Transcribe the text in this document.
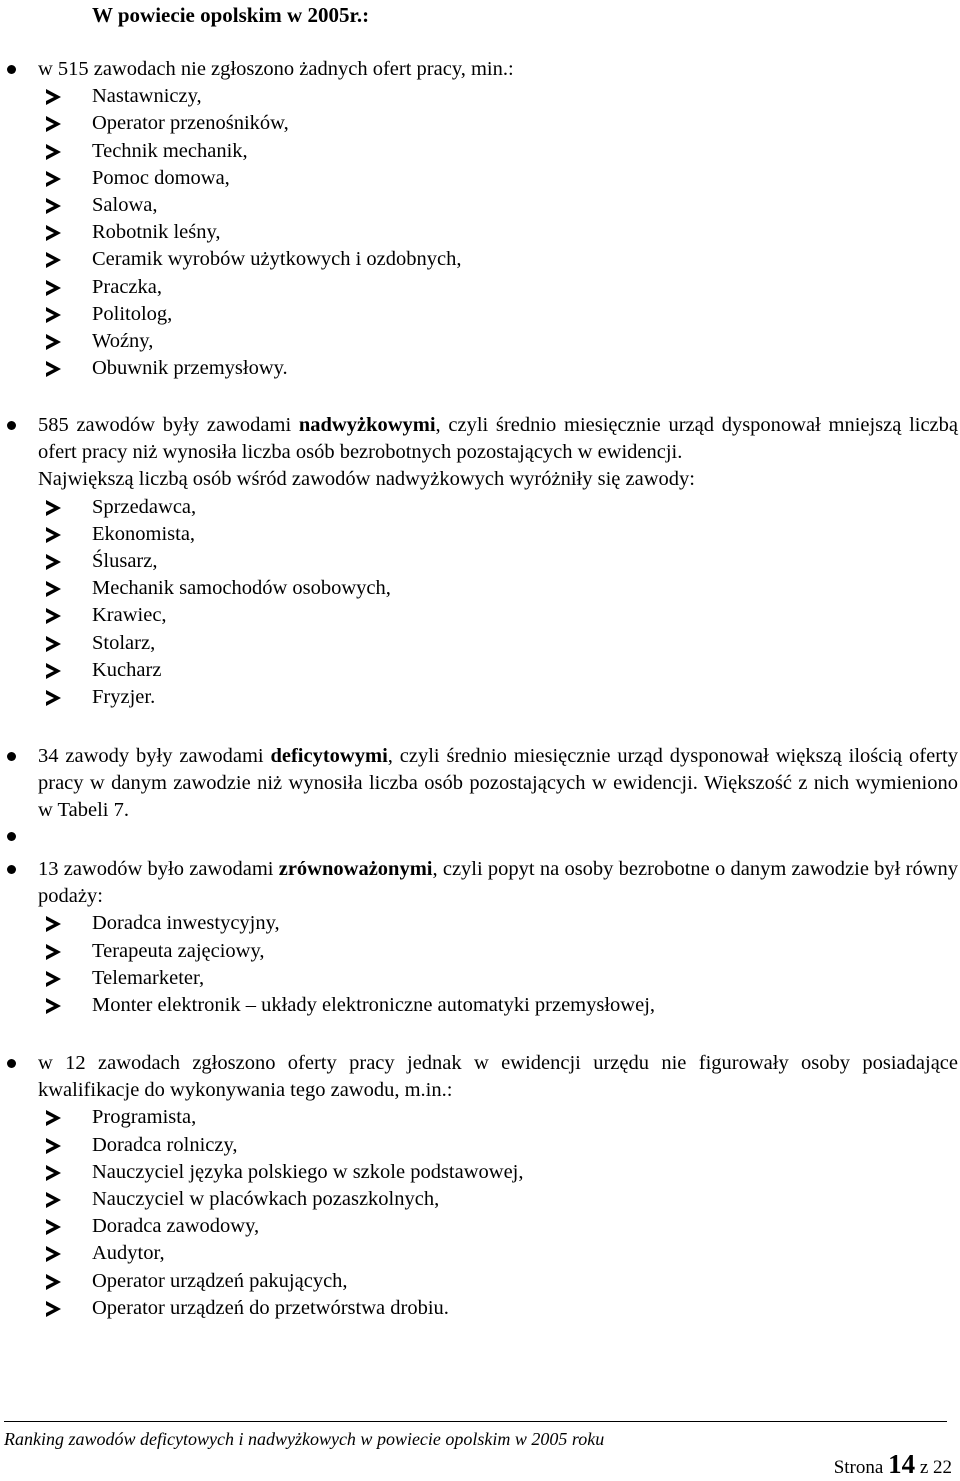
W powiecie opolskim w 2005r.:

w 515 zawodach nie zgłoszono żadnych ofert pracy, min.:

Nastawniczy,
Operator przenośników,
Technik mechanik,
Pomoc domowa,
Salowa,
Robotnik leśny,
Ceramik wyrobów użytkowych i ozdobnych,
Praczka,
Politolog,
Woźny,
Obuwnik przemysłowy.

585 zawodów były zawodami nadwyżkowymi, czyli średnio miesięcznie urząd dysponował mniejszą liczbą ofert pracy niż wynosiła liczba osób bezrobotnych pozostających w ewidencji.

Największą liczbą osób wśród zawodów nadwyżkowych wyróżniły się zawody:

Sprzedawca,
Ekonomista,
Ślusarz,
Mechanik samochodów osobowych,
Krawiec,
Stolarz,
Kucharz
Fryzjer.

34 zawody były zawodami deficytowymi, czyli średnio miesięcznie urząd dysponował większą ilością oferty pracy w danym zawodzie niż wynosiła liczba osób pozostających w ewidencji. Większość z nich wymieniono w Tabeli 7.

13 zawodów było zawodami zrównoważonymi, czyli popyt na osoby bezrobotne o danym zawodzie był równy podaży:

Doradca inwestycyjny,
Terapeuta zajęciowy,
Telemarketer,
Monter elektronik – układy elektroniczne automatyki przemysłowej,

w 12 zawodach zgłoszono oferty pracy jednak w ewidencji urzędu nie figurowały osoby posiadające kwalifikacje do wykonywania tego zawodu, m.in.:

Programista,
Doradca rolniczy,
Nauczyciel języka polskiego w szkole podstawowej,
Nauczyciel w placówkach pozaszkolnych,
Doradca zawodowy,
Audytor,
Operator urządzeń pakujących,
Operator urządzeń do przetwórstwa drobiu.
Ranking zawodów deficytowych i nadwyżkowych w powiecie opolskim w 2005 roku
Strona 14 z 22
